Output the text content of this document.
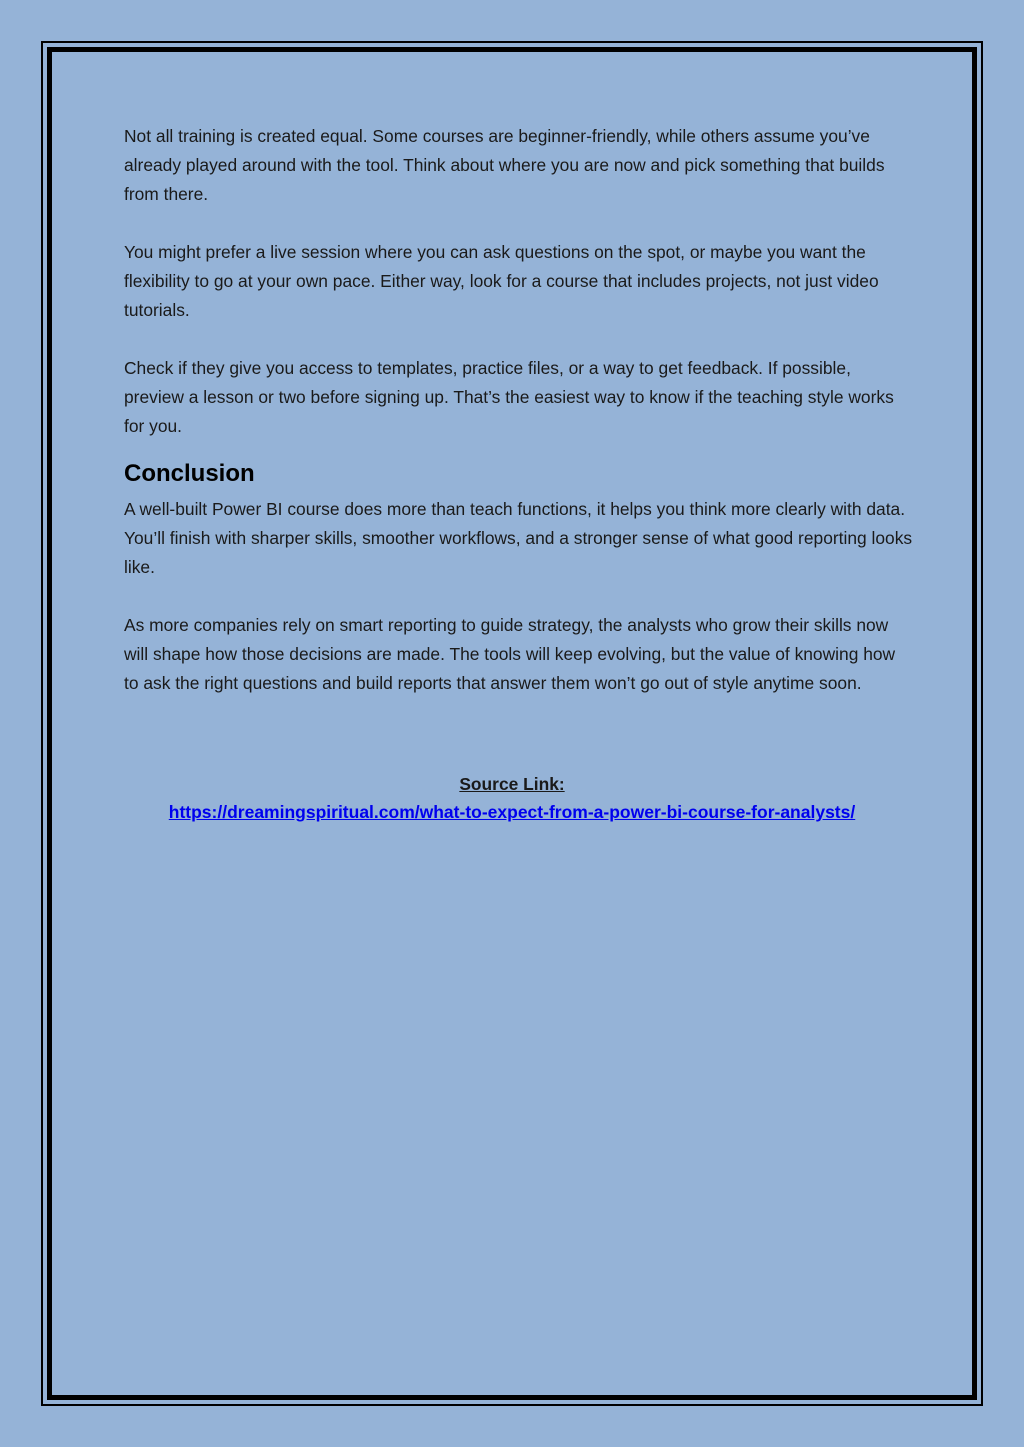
Not all training is created equal. Some courses are beginner-friendly, while others assume you’ve already played around with the tool. Think about where you are now and pick something that builds from there.

You might prefer a live session where you can ask questions on the spot, or maybe you want the flexibility to go at your own pace. Either way, look for a course that includes projects, not just video tutorials.

Check if they give you access to templates, practice files, or a way to get feedback. If possible, preview a lesson or two before signing up. That’s the easiest way to know if the teaching style works for you.

Conclusion

A well-built Power BI course does more than teach functions, it helps you think more clearly with data. You’ll finish with sharper skills, smoother workflows, and a stronger sense of what good reporting looks like.

As more companies rely on smart reporting to guide strategy, the analysts who grow their skills now will shape how those decisions are made. The tools will keep evolving, but the value of knowing how to ask the right questions and build reports that answer them won’t go out of style anytime soon.

Source Link:
https://dreamingspiritual.com/what-to-expect-from-a-power-bi-course-for-analysts/
